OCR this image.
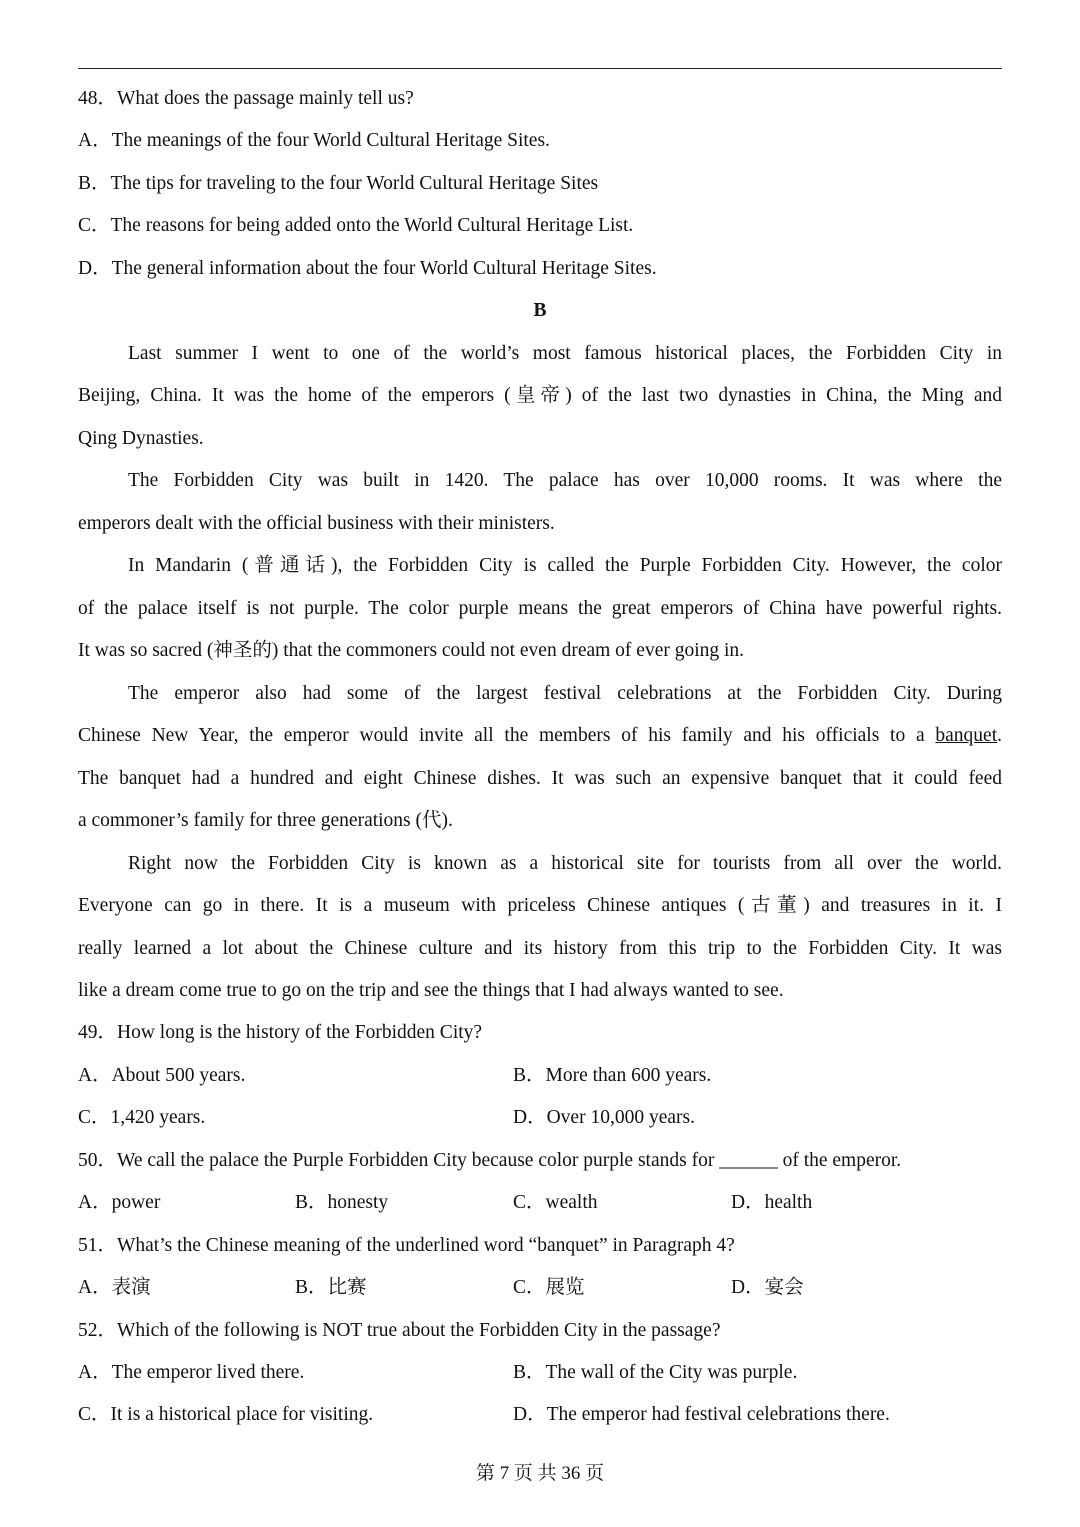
48．What does the passage mainly tell us?
A．The meanings of the four World Cultural Heritage Sites.
B．The tips for traveling to the four World Cultural Heritage Sites
C．The reasons for being added onto the World Cultural Heritage List.
D．The general information about the four World Cultural Heritage Sites.
B
Last summer I went to one of the world’s most famous historical places, the Forbidden City in
Beijing, China. It was the home of the emperors (皇帝) of the last two dynasties in China, the Ming and
Qing Dynasties.
The Forbidden City was built in 1420. The palace has over 10,000 rooms. It was where the
emperors dealt with the official business with their ministers.
In Mandarin (普通话), the Forbidden City is called the Purple Forbidden City. However, the color
of the palace itself is not purple. The color purple means the great emperors of China have powerful rights.
It was so sacred (神圣的) that the commoners could not even dream of ever going in.
The emperor also had some of the largest festival celebrations at the Forbidden City. During
Chinese New Year, the emperor would invite all the members of his family and his officials to a banquet.
The banquet had a hundred and eight Chinese dishes. It was such an expensive banquet that it could feed
a commoner’s family for three generations (代).
Right now the Forbidden City is known as a historical site for tourists from all over the world.
Everyone can go in there. It is a museum with priceless Chinese antiques (古董) and treasures in it. I
really learned a lot about the Chinese culture and its history from this trip to the Forbidden City. It was
like a dream come true to go on the trip and see the things that I had always wanted to see.
49．How long is the history of the Forbidden City?
A．About 500 years.	B．More than 600 years.
C．1,420 years.	D．Over 10,000 years.
50．We call the palace the Purple Forbidden City because color purple stands for ______ of the emperor.
A．power	B．honesty	C．wealth	D．health
51．What’s the Chinese meaning of the underlined word “banquet” in Paragraph 4?
A．表演	B．比赛	C．展览	D．宴会
52．Which of the following is NOT true about the Forbidden City in the passage?
A．The emperor lived there.	B．The wall of the City was purple.
C．It is a historical place for visiting.	D．The emperor had festival celebrations there.
第 7 页 共 36 页
